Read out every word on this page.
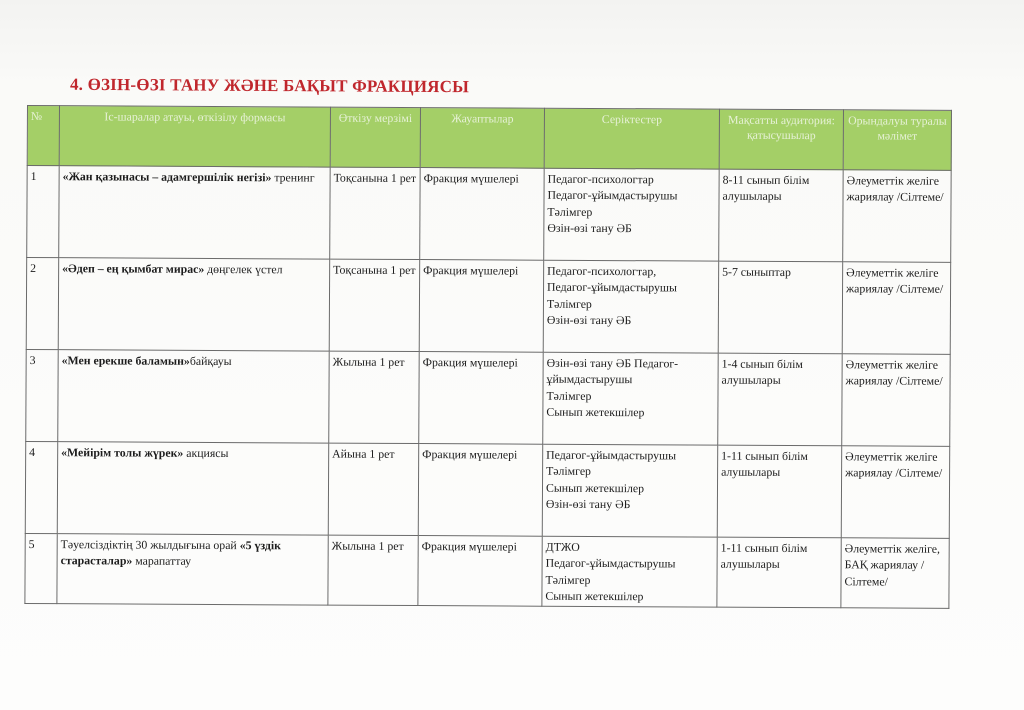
4. ӨЗІН-ӨЗІ ТАНУ ЖӘНЕ БАҚЫТ ФРАКЦИЯСЫ
№	Іс-шаралар атауы, өткізілу формасы	Өткізу мерзімі	Жауаптылар	Серіктестер	Мақсатты аудитория: қатысушылар	Орындалуы туралы мәлімет
1	«Жан қазынасы – адамгершілік негізі» тренинг	Тоқсанына 1 рет	Фракция мүшелері	Педагог-психологтар
Педагог-ұйымдастырушы
Тәлімгер
Өзін-өзі тану ӘБ	8-11 сынып білім алушылары	Әлеуметтік желіге жариялау /Сілтеме/
2	«Әдеп – ең қымбат мирас» дөңгелек үстел	Тоқсанына 1 рет	Фракция мүшелері	Педагог-психологтар,
Педагог-ұйымдастырушы
Тәлімгер
Өзін-өзі тану ӘБ	5-7 сыныптар	Әлеуметтік желіге жариялау /Сілтеме/
3	«Мен ерекше баламын»байқауы	Жылына 1 рет	Фракция мүшелері	Өзін-өзі тану ӘБ Педагог-ұйымдастырушы
Тәлімгер
Сынып жетекшілер	1-4 сынып білім алушылары	Әлеуметтік желіге жариялау /Сілтеме/
4	«Мейірім толы жүрек» акциясы	Айына 1 рет	Фракция мүшелері	Педагог-ұйымдастырушы
Тәлімгер
Сынып жетекшілер
Өзін-өзі тану ӘБ	1-11 сынып білім алушылары	Әлеуметтік желіге жариялау /Сілтеме/
5	Тәуелсіздіктің 30 жылдығына орай «5 үздік старасталар» марапаттау	Жылына 1 рет	Фракция мүшелері	ДТЖО
Педагог-ұйымдастырушы
Тәлімгер
Сынып жетекшілер	1-11 сынып білім алушылары	Әлеуметтік желіге, БАҚ жариялау /Сілтеме/
